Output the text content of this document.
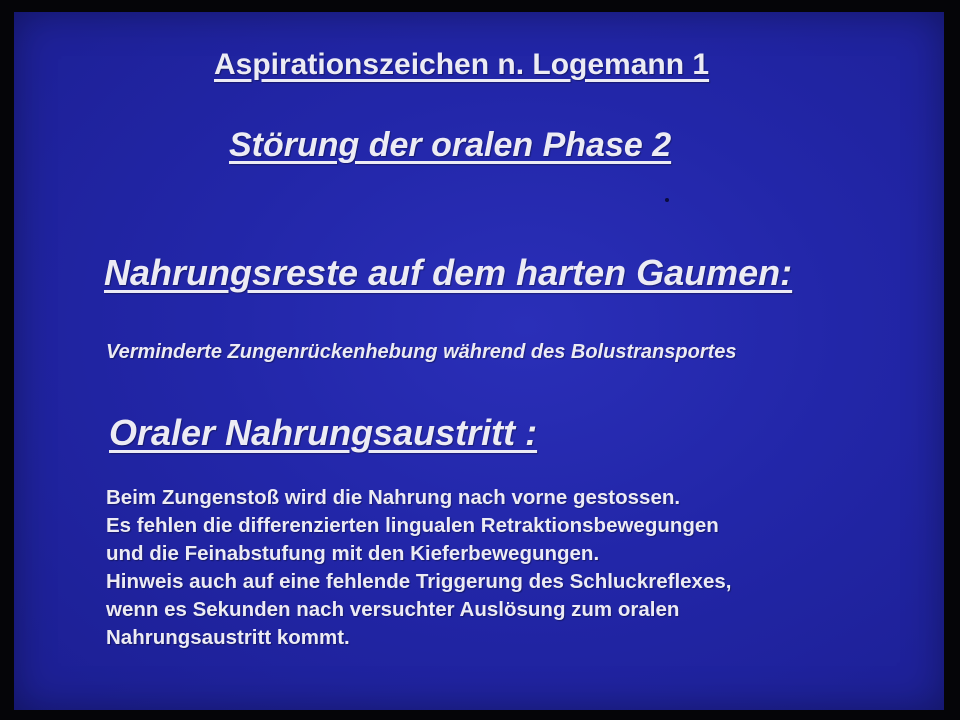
Aspirationszeichen n. Logemann 1
Störung der oralen Phase 2
Nahrungsreste auf dem harten Gaumen:

Verminderte Zungenrückenhebung während des Bolustransportes

Oraler Nahrungsaustritt :
Beim Zungenstoß wird die Nahrung nach vorne gestossen.
Es fehlen die differenzierten lingualen Retraktionsbewegungen
und die Feinabstufung mit den Kieferbewegungen.
Hinweis auch auf eine fehlende Triggerung des Schluckreflexes,
wenn es Sekunden nach versuchter Auslösung zum oralen
Nahrungsaustritt kommt.
